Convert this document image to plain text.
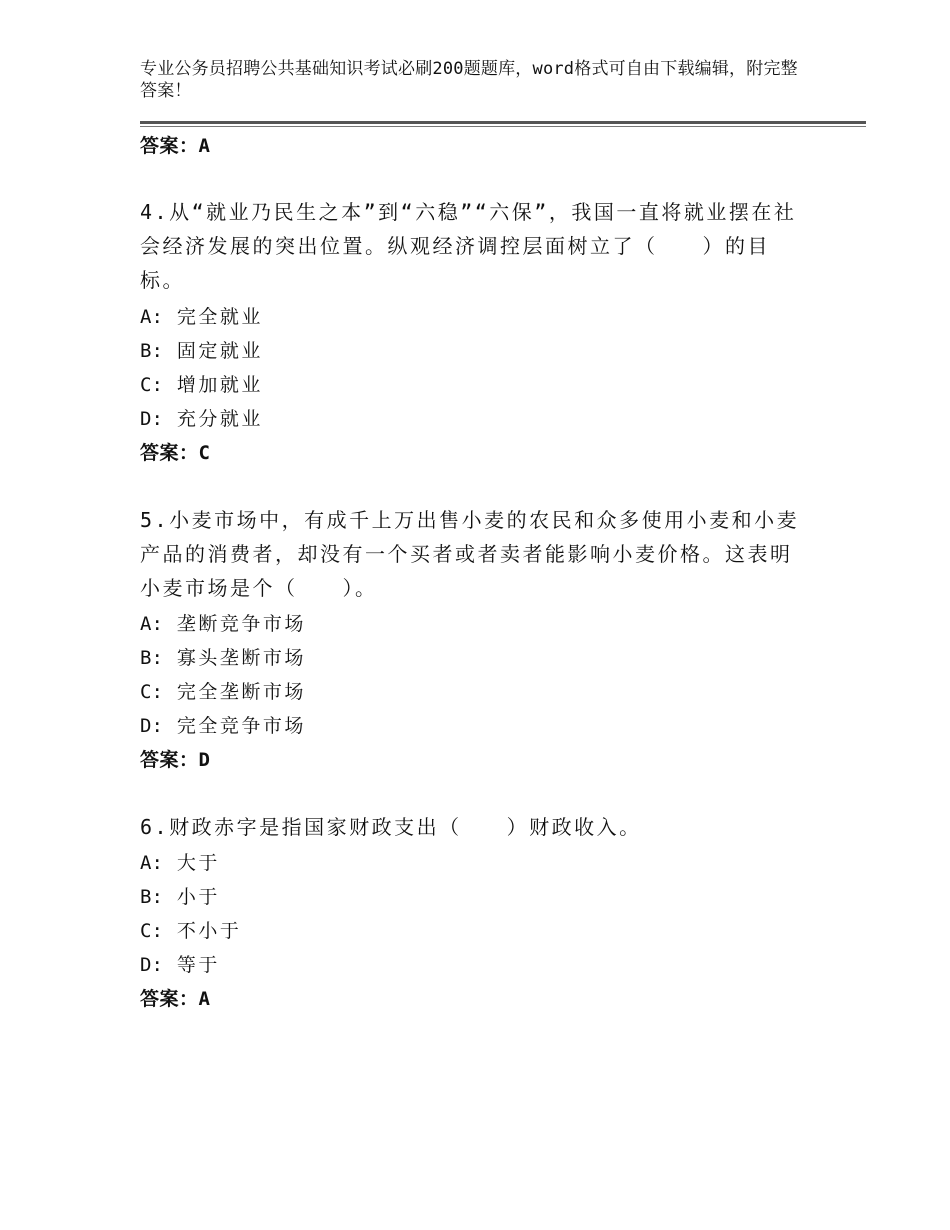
专业公务员招聘公共基础知识考试必刷200题题库，word格式可自由下载编辑，附完整答案！
答案：A
4.从“就业乃民生之本”到“六稳”“六保”，我国一直将就业摆在社会经济发展的突出位置。纵观经济调控层面树立了（　　）的目标。
A: 完全就业
B: 固定就业
C: 增加就业
D: 充分就业
答案：C
5.小麦市场中，有成千上万出售小麦的农民和众多使用小麦和小麦产品的消费者，却没有一个买者或者卖者能影响小麦价格。这表明小麦市场是个（　　）。
A: 垄断竞争市场
B: 寡头垄断市场
C: 完全垄断市场
D: 完全竞争市场
答案：D
6.财政赤字是指国家财政支出（　　）财政收入。
A: 大于
B: 小于
C: 不小于
D: 等于
答案：A
